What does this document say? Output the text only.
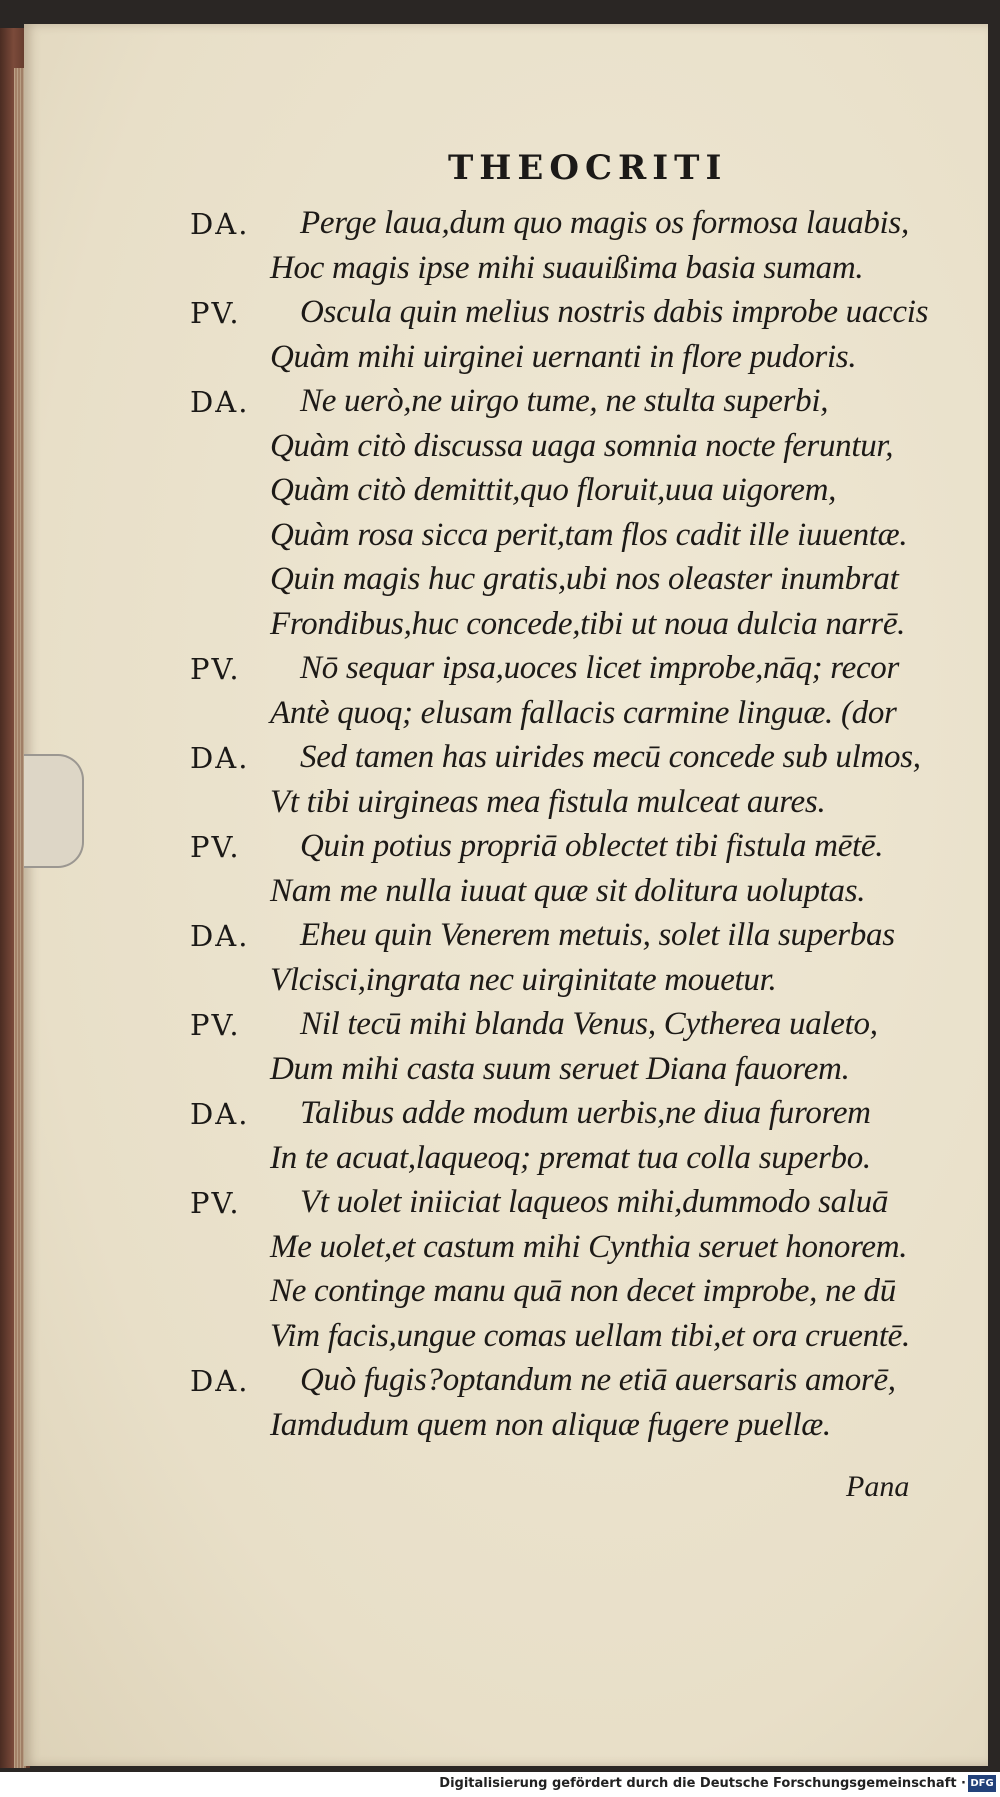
THEOCRITI
DA. Perge laua,dum quo magis os formosa lauabis,
Hoc magis ipse mihi suauißima basia sumam.
PV. Oscula quin melius nostris dabis improbe uaccis
Quàm mihi uirginei uernanti in flore pudoris.
DA. Ne uerò,ne uirgo tume, ne stulta superbi,
Quàm citò discussa uaga somnia nocte feruntur,
Quàm citò demittit,quo floruit,uua uigorem,
Quàm rosa sicca perit,tam flos cadit ille iuuentæ.
Quin magis huc gratis,ubi nos oleaster inumbrat
Frondibus,huc concede,tibi ut noua dulcia narrē.
PV. Nō sequar ipsa,uoces licet improbe,nāq; recor
Antè quoq; elusam fallacis carmine linguæ. (dor
DA. Sed tamen has uirides mecū concede sub ulmos,
Vt tibi uirgineas mea fistula mulceat aures.
PV. Quin potius propriā oblectet tibi fistula mētē.
Nam me nulla iuuat quæ sit dolitura uoluptas.
DA. Eheu quin Venerem metuis, solet illa superbas
Vlcisci,ingrata nec uirginitate mouetur.
PV. Nil tecū mihi blanda Venus, Cytherea ualeto,
Dum mihi casta suum seruet Diana fauorem.
DA. Talibus adde modum uerbis,ne diua furorem
In te acuat,laqueoq; premat tua colla superbo.
PV. Vt uolet iniiciat laqueos mihi,dummodo saluā
Me uolet,et castum mihi Cynthia seruet honorem.
Ne continge manu quā non decet improbe, ne dū
Vim facis,ungue comas uellam tibi,et ora cruentē.
DA. Quò fugis?optandum ne etiā auersaris amorē,
Iamdudum quem non aliquæ fugere puellæ.
Pana
Digitalisierung gefördert durch die Deutsche Forschungsgemeinschaft · DFG
